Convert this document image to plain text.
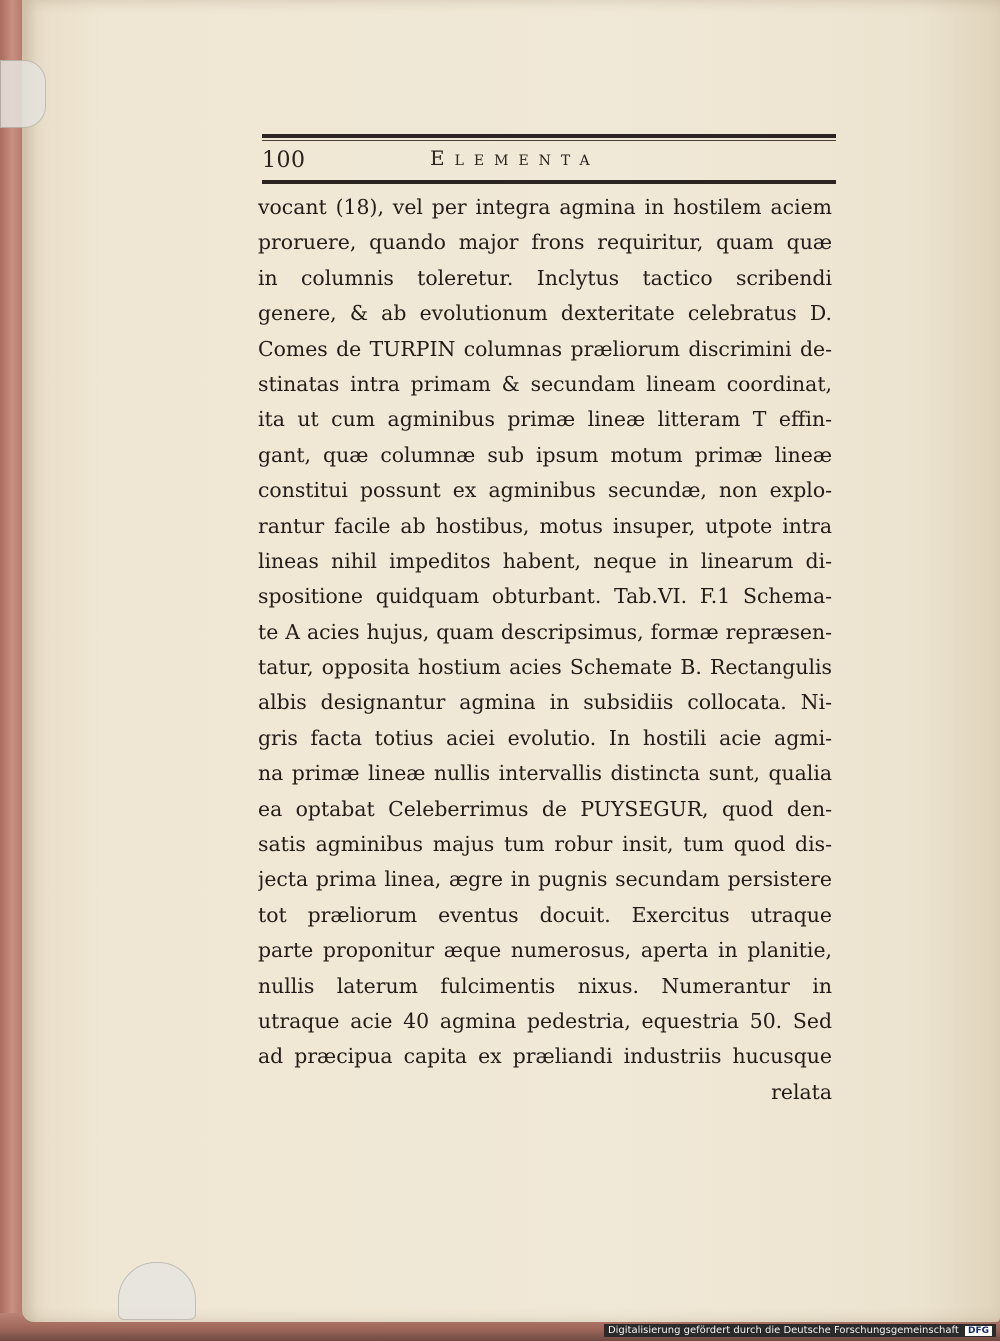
100	Elementa
vocant (18), vel per integra agmina in hostilem aciem
proruere, quando major frons requiritur, quam quæ
in columnis toleretur. Inclytus tactico scribendi
genere, & ab evolutionum dexteritate celebratus D.
Comes de TURPIN columnas præliorum discrimini de-
stinatas intra primam & secundam lineam coordinat,
ita ut cum agminibus primæ lineæ litteram T effin-
gant, quæ columnæ sub ipsum motum primæ lineæ
constitui possunt ex agminibus secundæ, non explo-
rantur facile ab hostibus, motus insuper, utpote intra
lineas nihil impeditos habent, neque in linearum di-
spositione quidquam obturbant. Tab.VI. F.1 Schema-
te A acies hujus, quam descripsimus, formæ repræsen-
tatur, opposita hostium acies Schemate B. Rectangulis
albis designantur agmina in subsidiis collocata. Ni-
gris facta totius aciei evolutio. In hostili acie agmi-
na primæ lineæ nullis intervallis distincta sunt, qualia
ea optabat Celeberrimus de PUYSEGUR, quod den-
satis agminibus majus tum robur insit, tum quod dis-
jecta prima linea, ægre in pugnis secundam persistere
tot præliorum eventus docuit. Exercitus utraque
parte proponitur æque numerosus, aperta in planitie,
nullis laterum fulcimentis nixus. Numerantur in
utraque acie 40 agmina pedestria, equestria 50. Sed
ad præcipua capita ex præliandi industriis hucusque
relata
Digitalisierung gefördert durch die Deutsche Forschungsgemeinschaft DFG
